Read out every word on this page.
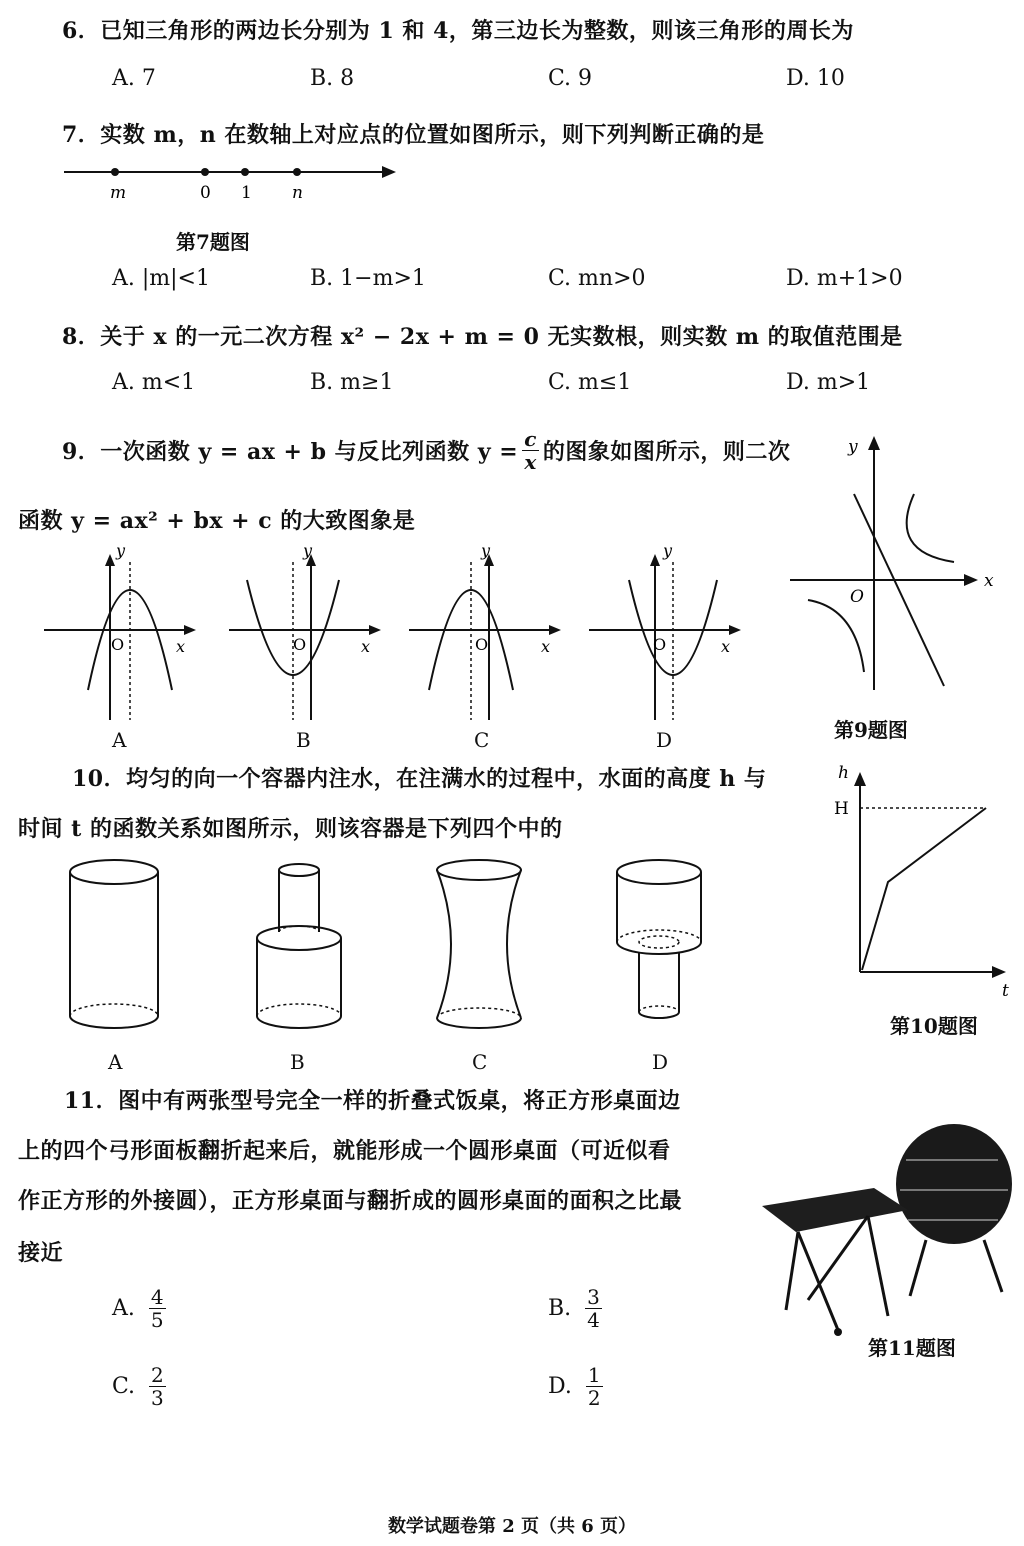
6．已知三角形的两边长分别为 1 和 4，第三边长为整数，则该三角形的周长为
A. 7	B. 8	C. 9	D. 10
7．实数 m，n 在数轴上对应点的位置如图所示，则下列判断正确的是
m	0 1 n
第7题图
A. |m|<1	B. 1−m>1	C. mn>0	D. m+1>0
8．关于 x 的一元二次方程 x² − 2x + m = 0 无实数根，则实数 m 的取值范围是
A. m<1	B. m≥1	C. m≤1	D. m>1
9．一次函数 y = ax + b 与反比列函数 $y = \frac{c}{x}$ 的图象如图所示，则二次
函数 y = ax² + bx + c 的大致图象是
y
x
O
y
x
O
y
x
O
y
x
O
A	B	C	D
y
x
O
第9题图
10．均匀的向一个容器内注水，在注满水的过程中，水面的高度 h 与
时间 t 的函数关系如图所示，则该容器是下列四个中的
A	B	C	D
h
H
t
第10题图
11．图中有两张型号完全一样的折叠式饭桌，将正方形桌面边
上的四个弓形面板翻折起来后，就能形成一个圆形桌面（可近似看
作正方形的外接圆），正方形桌面与翻折成的圆形桌面的面积之比最
接近
第11题图
A. $\frac{4}{5}$	B. $\frac{3}{4}$
C. $\frac{2}{3}$	D. $\frac{1}{2}$
数学试题卷第 2 页（共 6 页）
